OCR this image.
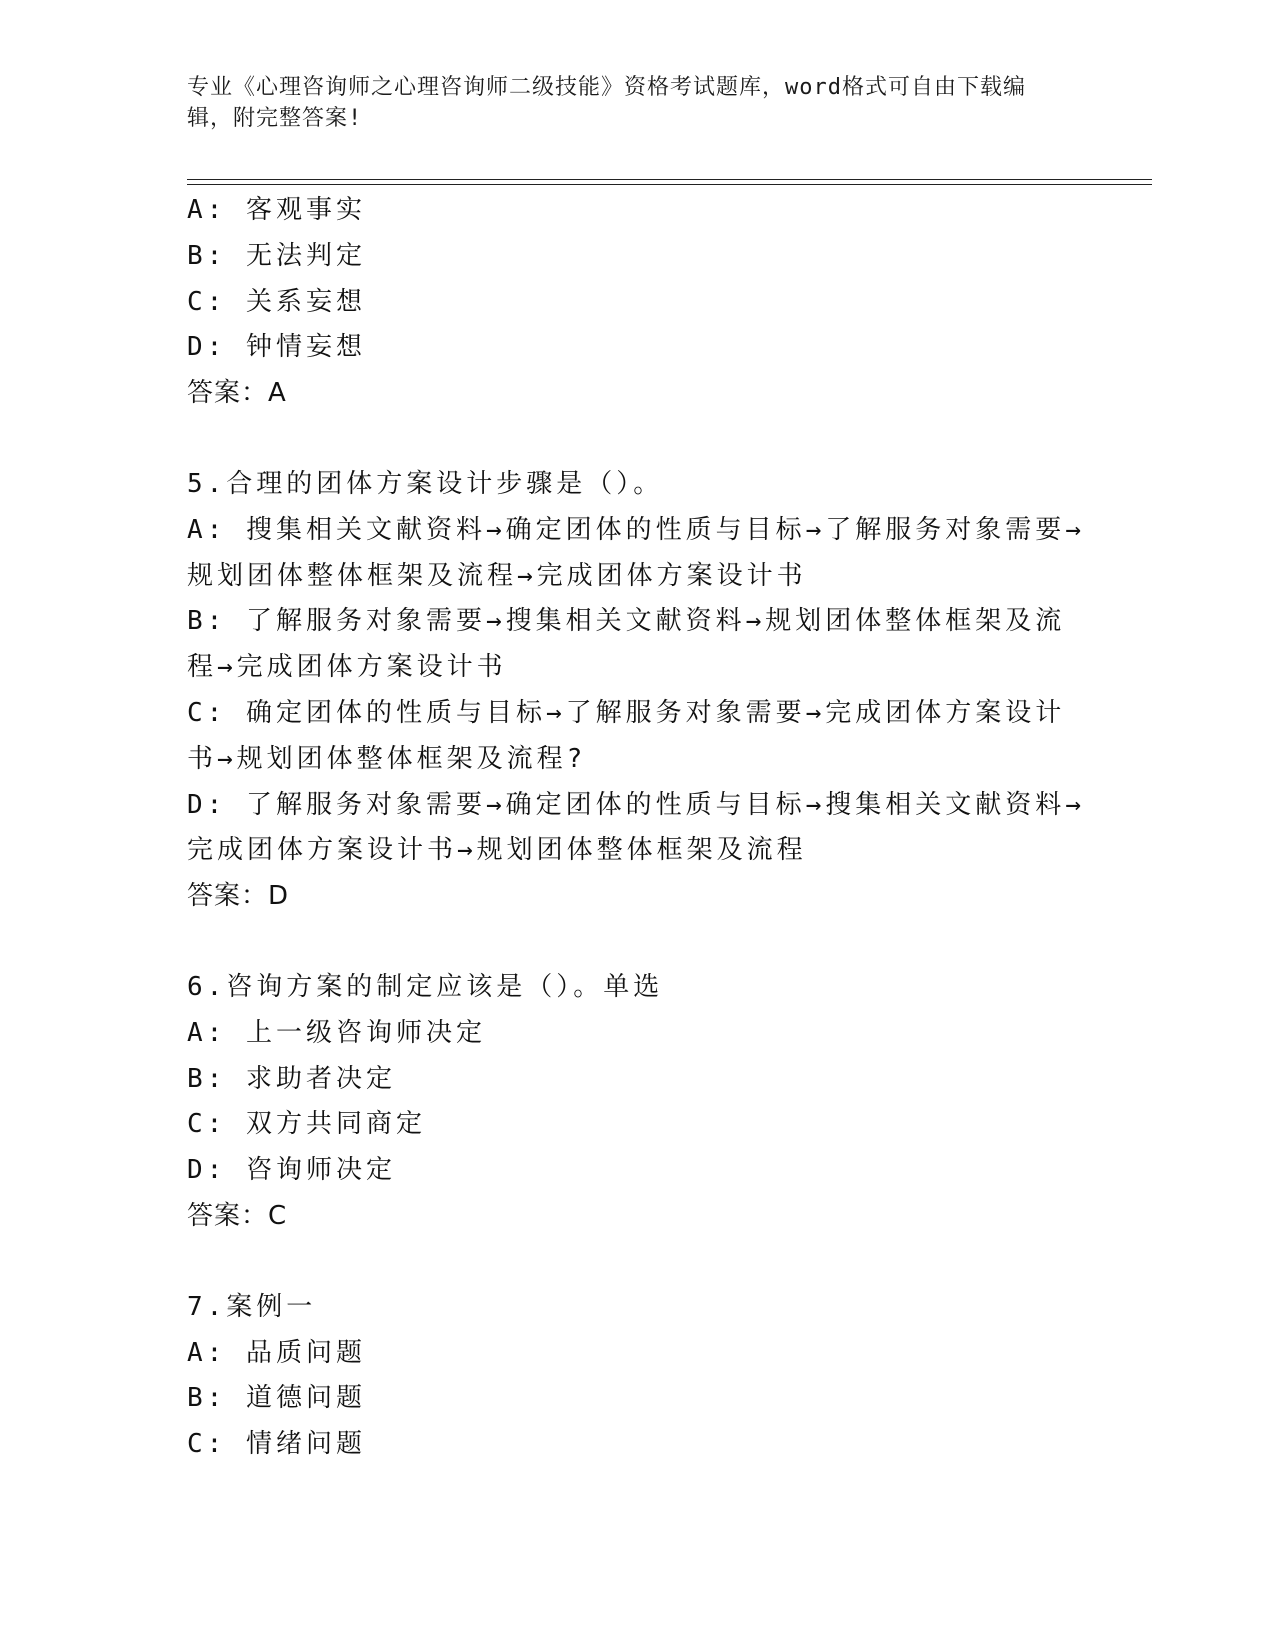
专业《心理咨询师之心理咨询师二级技能》资格考试题库，word格式可自由下载编辑，附完整答案!

A: 客观事实

B: 无法判定

C: 关系妄想

D: 钟情妄想

答案：A

5.合理的团体方案设计步骤是（）。

A: 搜集相关文献资料→确定团体的性质与目标→了解服务对象需要→规划团体整体框架及流程→完成团体方案设计书

B: 了解服务对象需要→搜集相关文献资料→规划团体整体框架及流程→完成团体方案设计书

C: 确定团体的性质与目标→了解服务对象需要→完成团体方案设计书→规划团体整体框架及流程?

D: 了解服务对象需要→确定团体的性质与目标→搜集相关文献资料→完成团体方案设计书→规划团体整体框架及流程

答案：D

6.咨询方案的制定应该是（）。单选

A: 上一级咨询师决定

B: 求助者决定

C: 双方共同商定

D: 咨询师决定

答案：C

7.案例一

A: 品质问题

B: 道德问题

C: 情绪问题
